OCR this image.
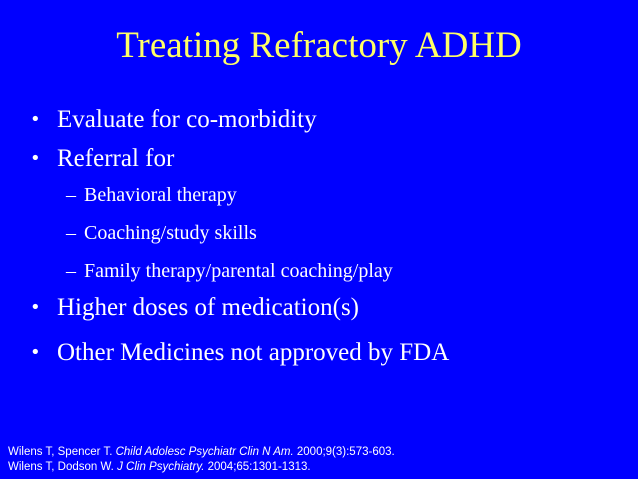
Treating Refractory ADHD
• Evaluate for co-morbidity
• Referral for
– Behavioral therapy
– Coaching/study skills
– Family therapy/parental coaching/play
• Higher doses of medication(s)
• Other Medicines not approved by FDA
Wilens T, Spencer T. Child Adolesc Psychiatr Clin N Am. 2000;9(3):573-603.
Wilens T, Dodson W. J Clin Psychiatry. 2004;65:1301-1313.
